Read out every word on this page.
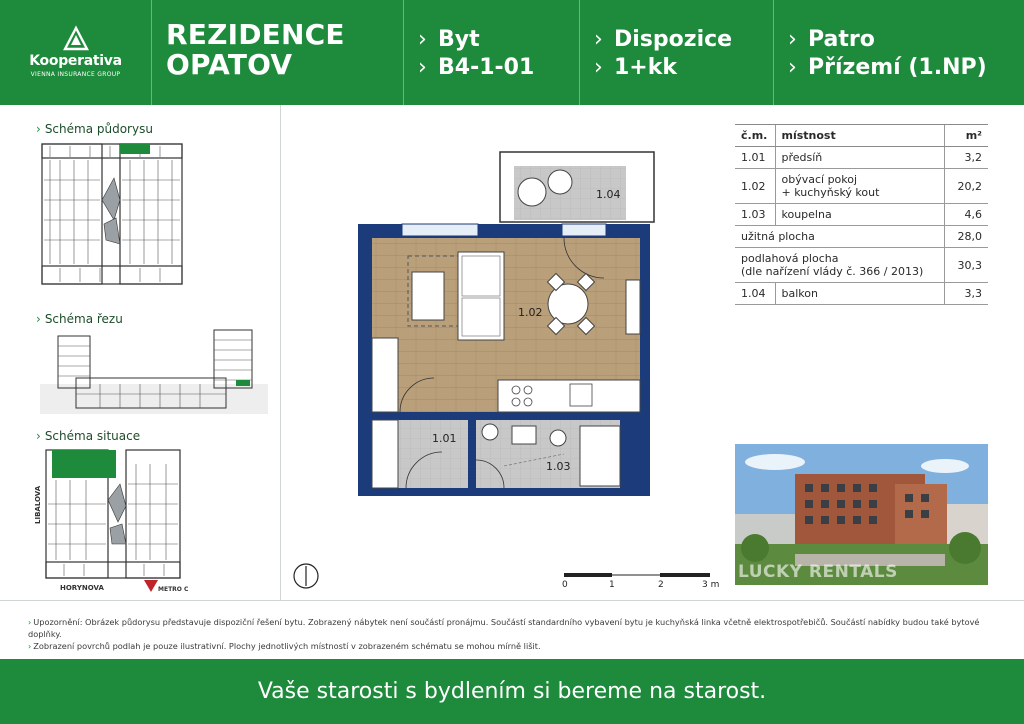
Kooperativa
VIENNA INSURANCE GROUP
REZIDENCE
OPATOV
› Byt
› B4-1-01
› Dispozice
› 1+kk
› Patro
› Přízemí (1.NP)
› Schéma půdorysu
› Schéma řezu
› Schéma situace
LIBALOVA
HORYNOVA	METRO C
1.04
1.02
1.01
1.03
č.m.	místnost	m²
1.01	předsíň	3,2
1.02	obývací pokoj
+ kuchyňský kout	20,2
1.03	koupelna	4,6
užitná plocha		28,0

podlahová plocha
(dle nařízení vlády č. 366 / 2013)		30,3
1.04	balkon	3,3
LUCKY RENTALS
0	1	2	3 m
› Upozornění: Obrázek půdorysu představuje dispoziční řešení bytu. Zobrazený nábytek není součástí pronájmu. Součástí standardního vybavení bytu je kuchyňská linka včetně elektrospotřebičů. Součástí nabídky budou také bytové doplňky.
› Zobrazení povrchů podlah je pouze ilustrativní. Plochy jednotlivých místností v zobrazeném schématu se mohou mírně lišit.
Vaše starosti s bydlením si bereme na starost.
